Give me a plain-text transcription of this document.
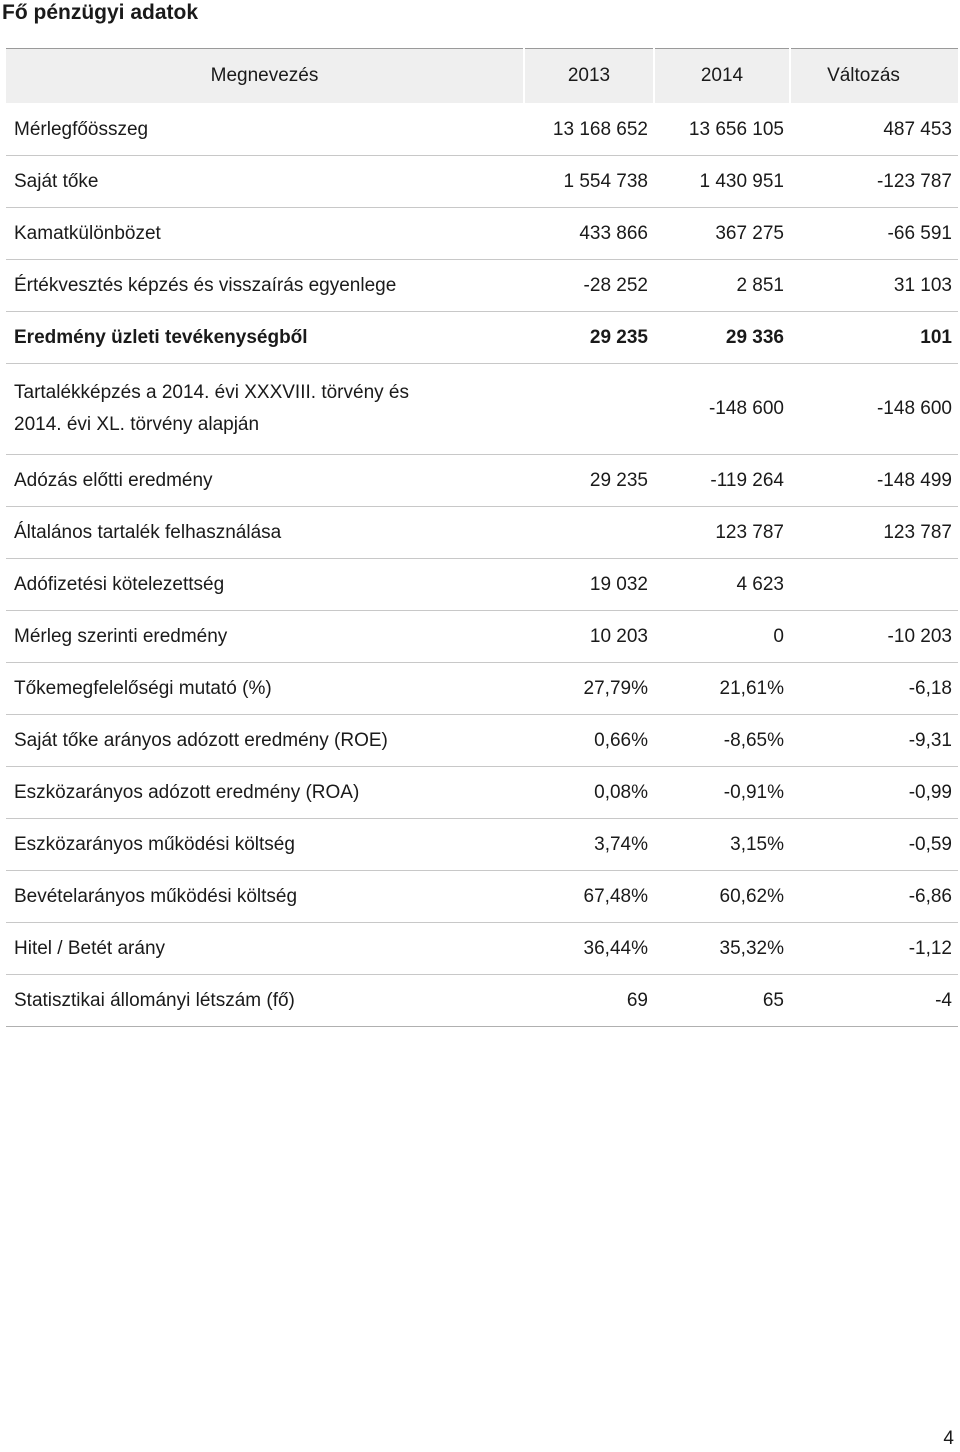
Fő pénzügyi adatok
Megnevezés	2013	2014	Változás
Mérlegfőösszeg	13 168 652	13 656 105	487 453
Saját tőke	1 554 738	1 430 951	-123 787
Kamatkülönbözet	433 866	367 275	-66 591
Értékvesztés képzés és visszaírás egyenlege	-28 252	2 851	31 103
Eredmény üzleti tevékenységből	29 235	29 336	101
Tartalékképzés a 2014. évi XXXVIII. törvény és 2014. évi XL. törvény alapján		-148 600	-148 600
Adózás előtti eredmény	29 235	-119 264	-148 499
Általános tartalék felhasználása		123 787	123 787
Adófizetési kötelezettség	19 032	4 623	
Mérleg szerinti eredmény	10 203	0	-10 203
Tőkemegfelelőségi mutató (%)	27,79%	21,61%	-6,18
Saját tőke arányos adózott eredmény (ROE)	0,66%	-8,65%	-9,31
Eszközarányos adózott eredmény (ROA)	0,08%	-0,91%	-0,99
Eszközarányos működési költség	3,74%	3,15%	-0,59
Bevételarányos működési költség	67,48%	60,62%	-6,86
Hitel / Betét arány	36,44%	35,32%	-1,12
Statisztikai állományi létszám (fő)	69	65	-4
4
